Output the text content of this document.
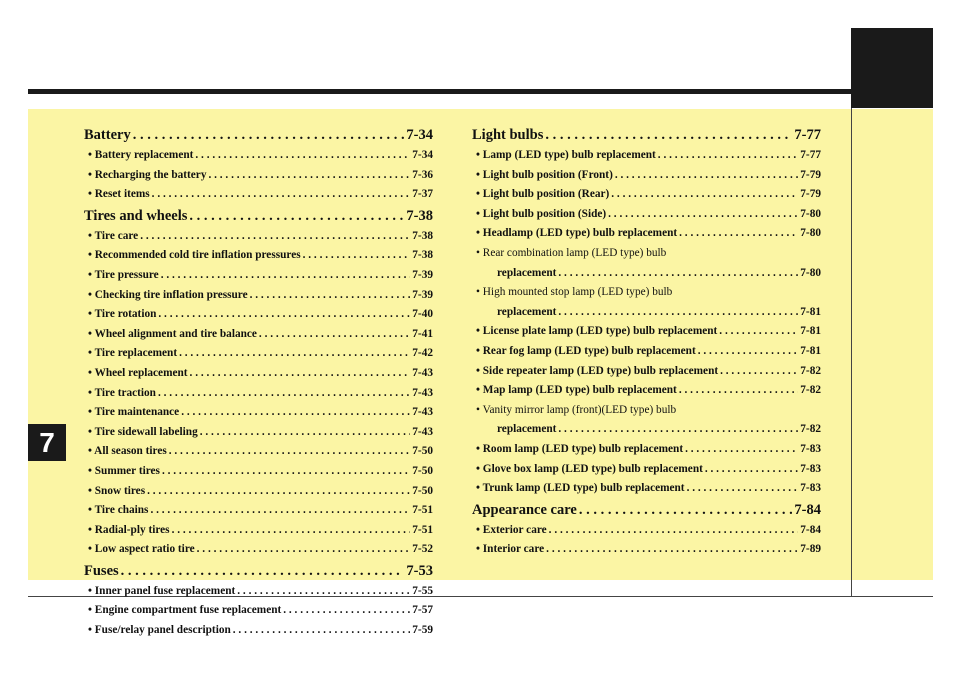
7
Battery . . .	7-34
• Battery replacement . . .	7-34
• Recharging the battery . . .	7-36
• Reset items . . .	7-37
Tires and wheels . . .	7-38
• Tire care . . .	7-38
• Recommended cold tire inflation pressures . . .	7-38
• Tire pressure . . .	7-39
• Checking tire inflation pressure . . .	7-39
• Tire rotation . . .	7-40
• Wheel alignment and tire balance . . .	7-41
• Tire replacement . . .	7-42
• Wheel replacement . . .	7-43
• Tire traction . . .	7-43
• Tire maintenance . . .	7-43
• Tire sidewall labeling . . .	7-43
• All season tires . . .	7-50
• Summer tires . . .	7-50
• Snow tires . . .	7-50
• Tire chains . . .	7-51
• Radial-ply tires . . .	7-51
• Low aspect ratio tire . . .	7-52
Fuses . . .	7-53
• Inner panel fuse replacement . . .	7-55
• Engine compartment fuse replacement . . .	7-57
• Fuse/relay panel description . . .	7-59
Light bulbs . . .	7-77
• Lamp (LED type) bulb replacement . . .	7-77
• Light bulb position (Front) . . .	7-79
• Light bulb position (Rear) . . .	7-79
• Light bulb position (Side) . . .	7-80
• Headlamp (LED type) bulb replacement . . .	7-80
• Rear combination lamp (LED type) bulb
replacement . . .	7-80
• High mounted stop lamp (LED type) bulb
replacement . . .	7-81
• License plate lamp (LED type) bulb replacement . . .	7-81
• Rear fog lamp (LED type) bulb replacement . . .	7-81
• Side repeater lamp (LED type) bulb replacement . . .	7-82
• Map lamp (LED type) bulb replacement . . .	7-82
• Vanity mirror lamp (front)(LED type) bulb
replacement . . .	7-82
• Room lamp (LED type) bulb replacement . . .	7-83
• Glove box lamp (LED type) bulb replacement . . .	7-83
• Trunk lamp (LED type) bulb replacement . . .	7-83
Appearance care . . .	7-84
• Exterior care . . .	7-84
• Interior care . . .	7-89
